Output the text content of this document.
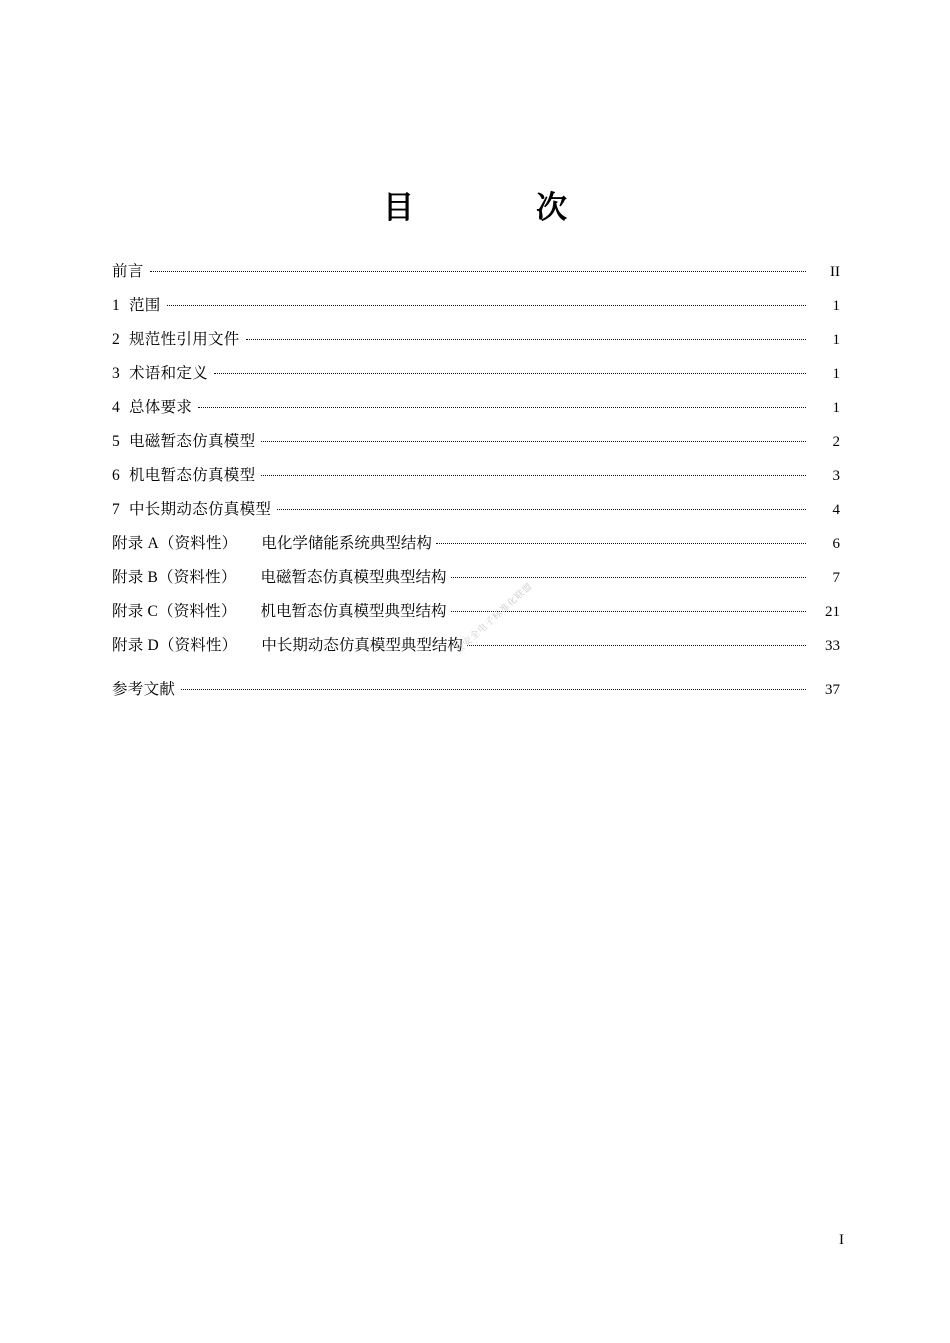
目　　次
前言	II
1 范围	1
2 规范性引用文件	1
3 术语和定义	1
4 总体要求	1
5 电磁暂态仿真模型	2
6 机电暂态仿真模型	3
7 中长期动态仿真模型	4
附录 A（资料性）	电化学储能系统典型结构	6
附录 B（资料性）	电磁暂态仿真模型典型结构	7
附录 C（资料性）	机电暂态仿真模型典型结构	21
附录 D（资料性）	中长期动态仿真模型典型结构	33
参考文献	37
公安全电子标准化联盟
I
